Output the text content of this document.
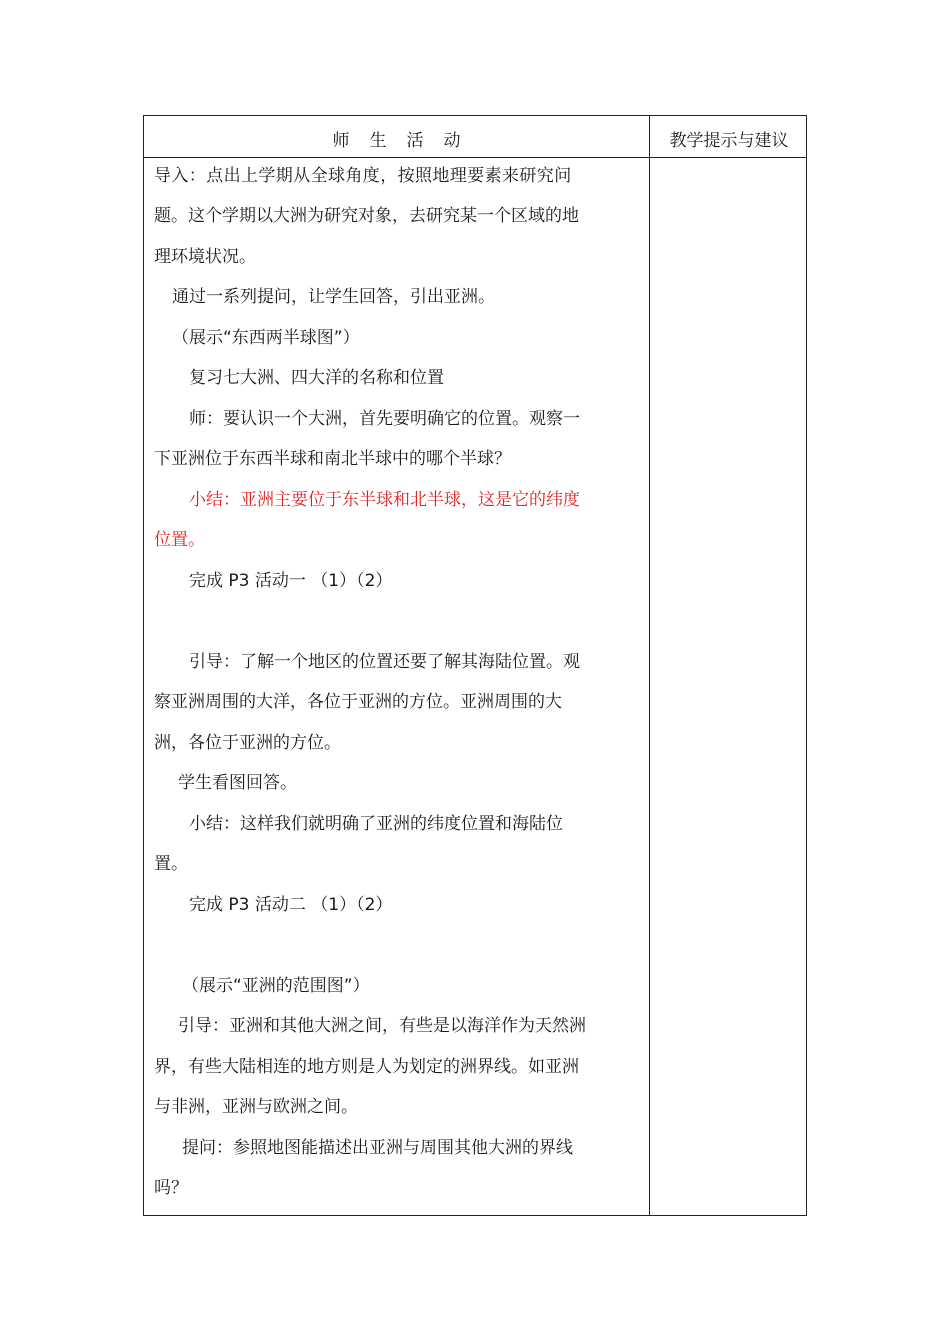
师生活动	教学提示与建议
导入：点出上学期从全球角度，按照地理要素来研究问
题。这个学期以大洲为研究对象，去研究某一个区域的地
理环境状况。
通过一系列提问，让学生回答，引出亚洲。
（展示“东西两半球图”）
复习七大洲、四大洋的名称和位置
师：要认识一个大洲，首先要明确它的位置。观察一
下亚洲位于东西半球和南北半球中的哪个半球？
小结：亚洲主要位于东半球和北半球，这是它的纬度
位置。
完成 P3 活动一 （1）（2）
引导：了解一个地区的位置还要了解其海陆位置。观
察亚洲周围的大洋，各位于亚洲的方位。亚洲周围的大
洲，各位于亚洲的方位。
学生看图回答。
小结：这样我们就明确了亚洲的纬度位置和海陆位
置。
完成 P3 活动二 （1）（2）
（展示“亚洲的范围图”）
引导：亚洲和其他大洲之间，有些是以海洋作为天然洲
界，有些大陆相连的地方则是人为划定的洲界线。如亚洲
与非洲，亚洲与欧洲之间。
提问：参照地图能描述出亚洲与周围其他大洲的界线
吗？
